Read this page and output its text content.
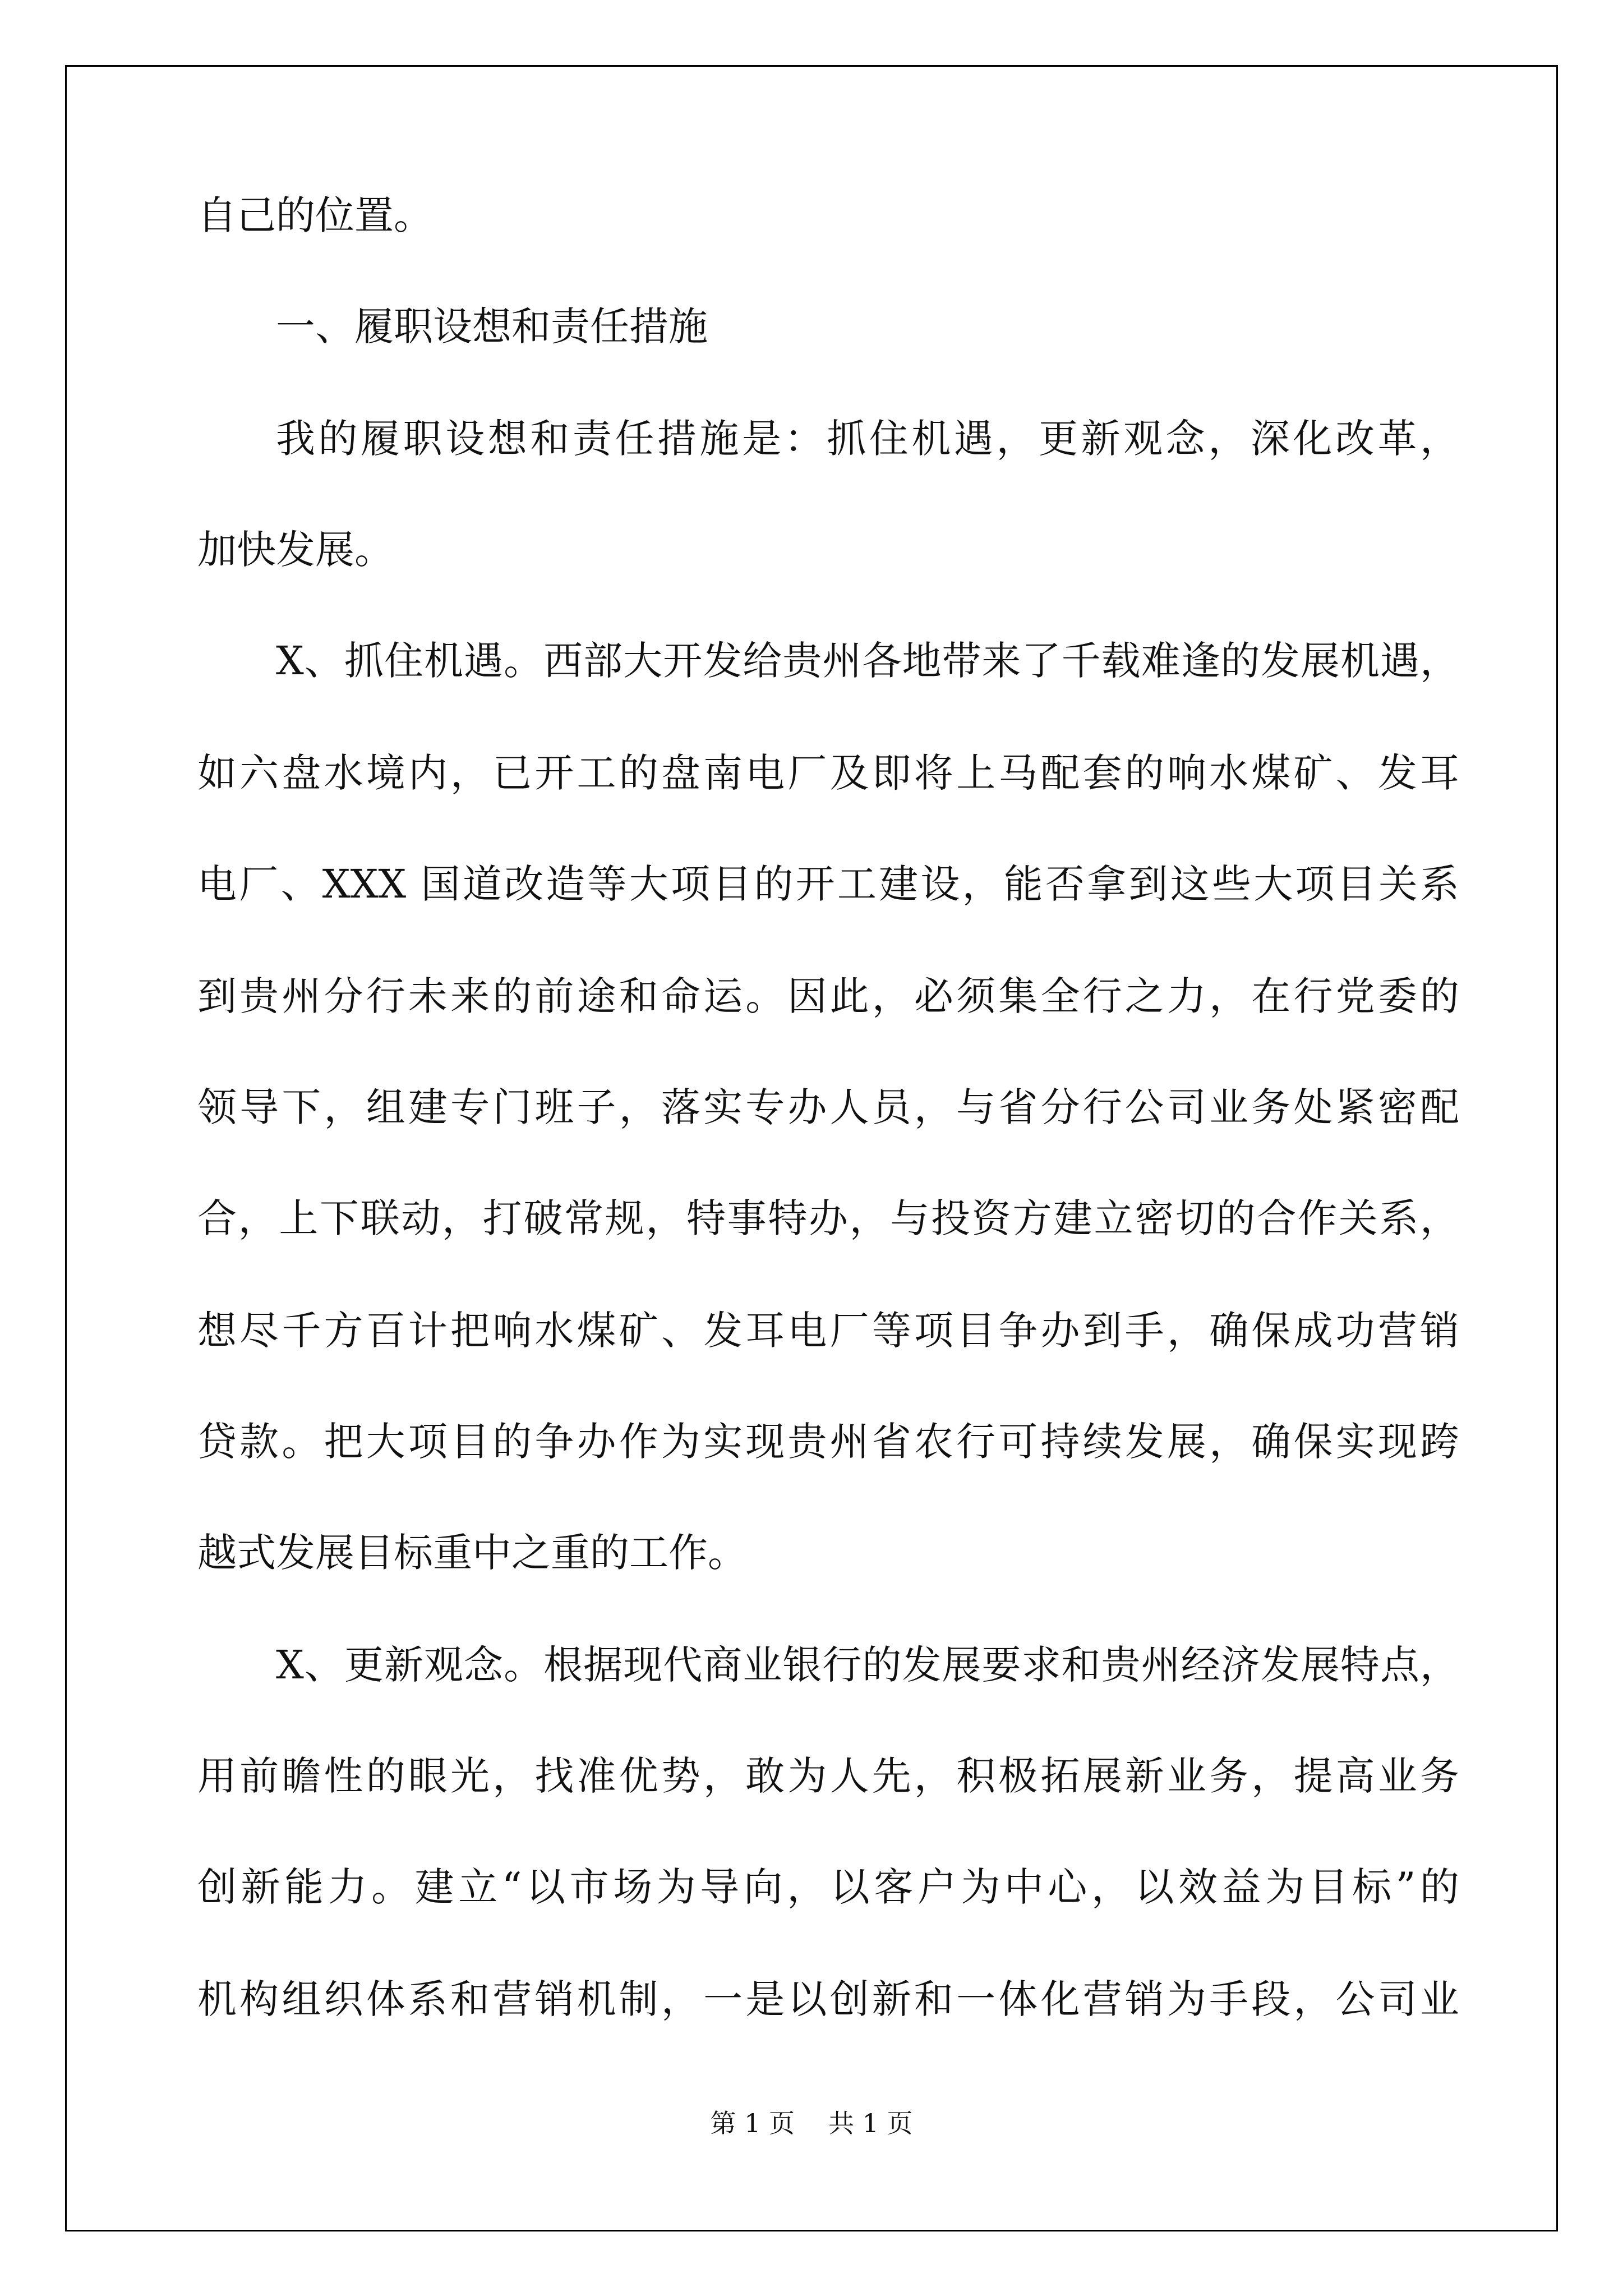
自己的位置。
一、履职设想和责任措施
我的履职设想和责任措施是：抓住机遇，更新观念，深化改革，
加快发展。
X、抓住机遇。西部大开发给贵州各地带来了千载难逢的发展机遇，
如六盘水境内，已开工的盘南电厂及即将上马配套的响水煤矿、发耳
电厂、XXX 国道改造等大项目的开工建设，能否拿到这些大项目关系
到贵州分行未来的前途和命运。因此，必须集全行之力，在行党委的
领导下，组建专门班子，落实专办人员，与省分行公司业务处紧密配
合，上下联动，打破常规，特事特办，与投资方建立密切的合作关系，
想尽千方百计把响水煤矿、发耳电厂等项目争办到手，确保成功营销
贷款。把大项目的争办作为实现贵州省农行可持续发展，确保实现跨
越式发展目标重中之重的工作。
X、更新观念。根据现代商业银行的发展要求和贵州经济发展特点，
用前瞻性的眼光，找准优势，敢为人先，积极拓展新业务，提高业务
创新能力。建立“以市场为导向，以客户为中心，以效益为目标”的
机构组织体系和营销机制，一是以创新和一体化营销为手段，公司业
第 1 页 共 1 页
